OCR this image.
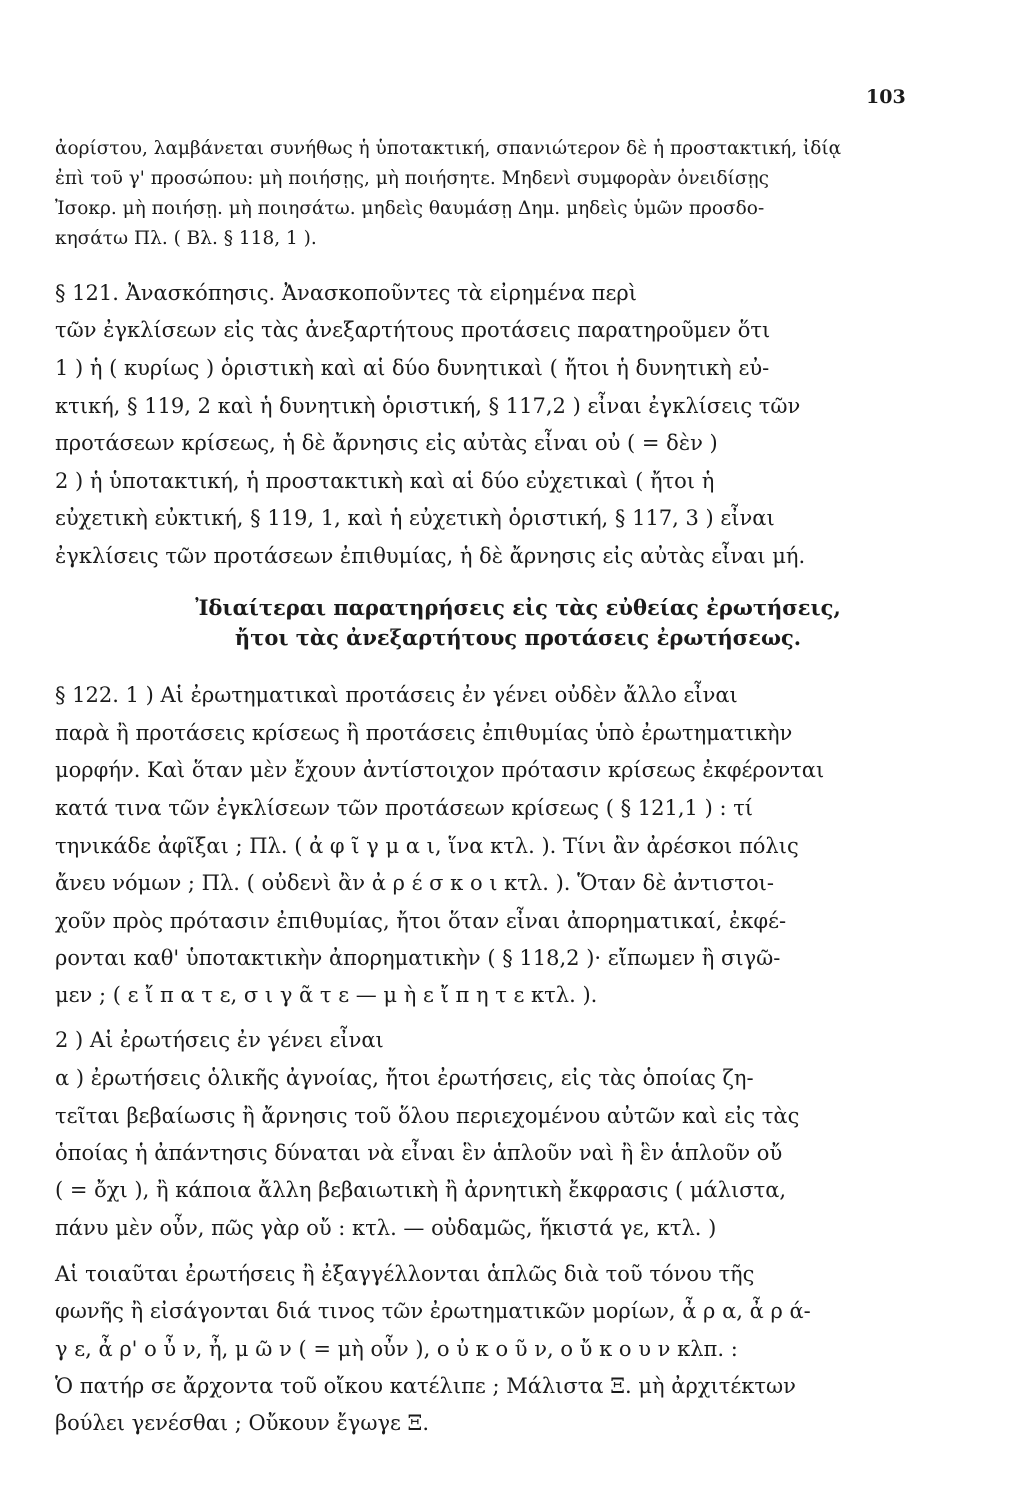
103
ἀορίστου, λαμβάνεται συνήθως ἡ ὑποτακτική, σπανιώτερον δὲ ἡ προστακτική, ἰδίᾳ
ἐπὶ τοῦ γ' προσώπου: μὴ ποιήσῃς, μὴ ποιήσητε. Μηδενὶ συμφορὰν ὀνειδίσῃς
Ἰσοκρ. μὴ ποιήσῃ. μὴ ποιησάτω. μηδεὶς θαυμάσῃ Δημ. μηδεὶς ὑμῶν προσδο-
κησάτω Πλ. ( Βλ. § 118, 1 ).
§ 121. Ἀνασκόπησις. Ἀνασκοποῦντες τὰ εἰρημένα περὶ
τῶν ἐγκλίσεων εἰς τὰς ἀνεξαρτήτους προτάσεις παρατηροῦμεν ὅτι
1 ) ἡ ( κυρίως ) ὁριστικὴ καὶ αἱ δύο δυνητικαὶ ( ἤτοι ἡ δυνητικὴ εὐ-
κτική, § 119, 2 καὶ ἡ δυνητικὴ ὁριστική, § 117,2 ) εἶναι ἐγκλίσεις τῶν
προτάσεων κρίσεως, ἡ δὲ ἄρνησις εἰς αὐτὰς εἶναι οὐ ( = δὲν )
2 ) ἡ ὑποτακτική, ἡ προστακτικὴ καὶ αἱ δύο εὐχετικαὶ ( ἤτοι ἡ
εὐχετικὴ εὐκτική, § 119, 1, καὶ ἡ εὐχετικὴ ὁριστική, § 117, 3 ) εἶναι
ἐγκλίσεις τῶν προτάσεων ἐπιθυμίας, ἡ δὲ ἄρνησις εἰς αὐτὰς εἶναι μή.
Ἰδιαίτεραι παρατηρήσεις εἰς τὰς εὐθείας ἐρωτήσεις,
ἤτοι τὰς ἀνεξαρτήτους προτάσεις ἐρωτήσεως.
§ 122. 1 ) Αἱ ἐρωτηματικαὶ προτάσεις ἐν γένει οὐδὲν ἄλλο εἶναι
παρὰ ἢ προτάσεις κρίσεως ἢ προτάσεις ἐπιθυμίας ὑπὸ ἐρωτηματικὴν
μορφήν. Καὶ ὅταν μὲν ἔχουν ἀντίστοιχον πρότασιν κρίσεως ἐκφέρονται
κατά τινα τῶν ἐγκλίσεων τῶν προτάσεων κρίσεως ( § 121,1 ) : τί
τηνικάδε ἀφῖξαι ; Πλ. ( ἀ φ ῖ γ μ α ι, ἵνα κτλ. ). Τίνι ἂν ἀρέσκοι πόλις
ἄνευ νόμων ; Πλ. ( οὐδενὶ ἂν ἀ ρ έ σ κ ο ι κτλ. ). Ὅταν δὲ ἀντιστοι-
χοῦν πρὸς πρότασιν ἐπιθυμίας, ἤτοι ὅταν εἶναι ἀπορηματικαί, ἐκφέ-
ρονται καθ' ὑποτακτικὴν ἀπορηματικὴν ( § 118,2 )· εἴπωμεν ἢ σιγῶ-
μεν ; ( ε ἴ π α τ ε, σ ι γ ᾶ τ ε — μ ὴ ε ἴ π η τ ε κτλ. ).
2 ) Αἱ ἐρωτήσεις ἐν γένει εἶναι
α ) ἐρωτήσεις ὁλικῆς ἀγνοίας, ἤτοι ἐρωτήσεις, εἰς τὰς ὁποίας ζη-
τεῖται βεβαίωσις ἢ ἄρνησις τοῦ ὅλου περιεχομένου αὐτῶν καὶ εἰς τὰς
ὁποίας ἡ ἀπάντησις δύναται νὰ εἶναι ἓν ἁπλοῦν ναὶ ἢ ἓν ἁπλοῦν οὔ
( = ὄχι ), ἢ κάποια ἄλλη βεβαιωτικὴ ἢ ἀρνητικὴ ἔκφρασις ( μάλιστα,
πάνυ μὲν οὖν, πῶς γὰρ οὔ : κτλ. — οὐδαμῶς, ἥκιστά γε, κτλ. )
Αἱ τοιαῦται ἐρωτήσεις ἢ ἐξαγγέλλονται ἁπλῶς διὰ τοῦ τόνου τῆς
φωνῆς ἢ εἰσάγονται διά τινος τῶν ἐρωτηματικῶν μορίων, ἆ ρ α, ἆ ρ ά-
γ ε, ἆ ρ' ο ὖ ν, ἦ, μ ῶ ν ( = μὴ οὖν ), ο ὐ κ ο ῦ ν, ο ὔ κ ο υ ν κλπ. :
Ὁ πατήρ σε ἄρχοντα τοῦ οἴκου κατέλιπε ; Μάλιστα Ξ. μὴ ἀρχιτέκτων
βούλει γενέσθαι ; Οὔκουν ἔγωγε Ξ.
